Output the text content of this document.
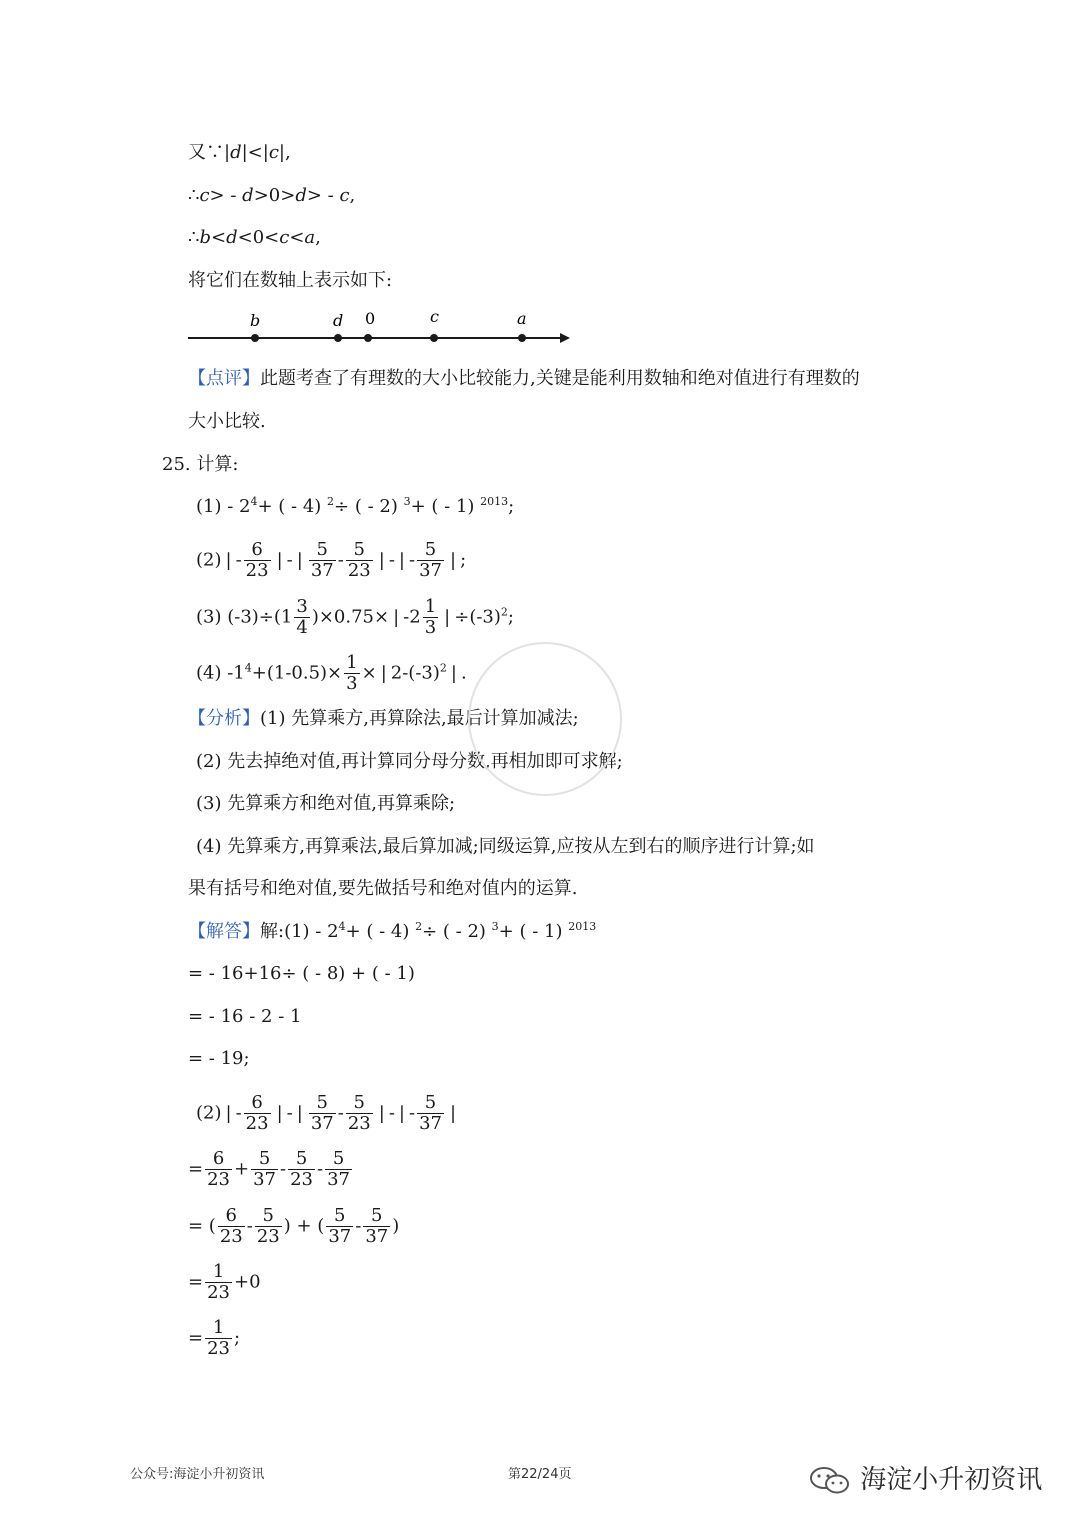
又∵|d|<|c|,
∴c> - d>0>d> - c,
∴b<d<0<c<a,
将它们在数轴上表示如下:
b	d 0	c	a
【点评】此题考查了有理数的大小比较能力,关键是能利用数轴和绝对值进行有理数的
大小比较.
25. 计算:
$(1) - 2^4+$ ( - 4) $^2$÷ ( - 2) $^3$+ ( - 1) $^{2013}$;
(2) | - $\frac{6}{23}$ | - | $\frac{5}{37} - \frac{5}{23}$ | - | - $\frac{5}{37}$ | ;
(3) $(-3)\div(1 \frac{3}{4} )\times 0.75\times$ | $-2 \frac{1}{3}$ | $\div(-3)^2$;
(4) $-1^4+(1-0.5)\times \frac{1}{3}$ × | $2-(-3)^2$ | .
【分析】(1) 先算乘方,再算除法,最后计算加减法;
(2) 先去掉绝对值,再计算同分母分数,再相加即可求解;
(3) 先算乘方和绝对值,再算乘除;
(4) 先算乘方,再算乘法,最后算加减;同级运算,应按从左到右的顺序进行计算;如
果有括号和绝对值,要先做括号和绝对值内的运算.
【解答】解:(1) - $2^4+$ ( - 4) $^2$÷ ( - 2) $^3$+ ( - 1) $^{2013}$
= - 16+16÷ ( - 8) + ( - 1)
= - 16 - 2 - 1
= - 19;
(2) | - $\frac{6}{23}$ | - | $\frac{5}{37} - \frac{5}{23}$ | - | - $\frac{5}{37}$ |
= $\frac{6}{23} + \frac{5}{37} - \frac{5}{23} - \frac{5}{37}$
= ( $\frac{6}{23} - \frac{5}{23}$ ) + ( $\frac{5}{37} - \frac{5}{37}$ )
= $\frac{1}{23} +0$
= $\frac{1}{23}$ ;
公众号:海淀小升初资讯	第22/24页	海淀小升初资讯
